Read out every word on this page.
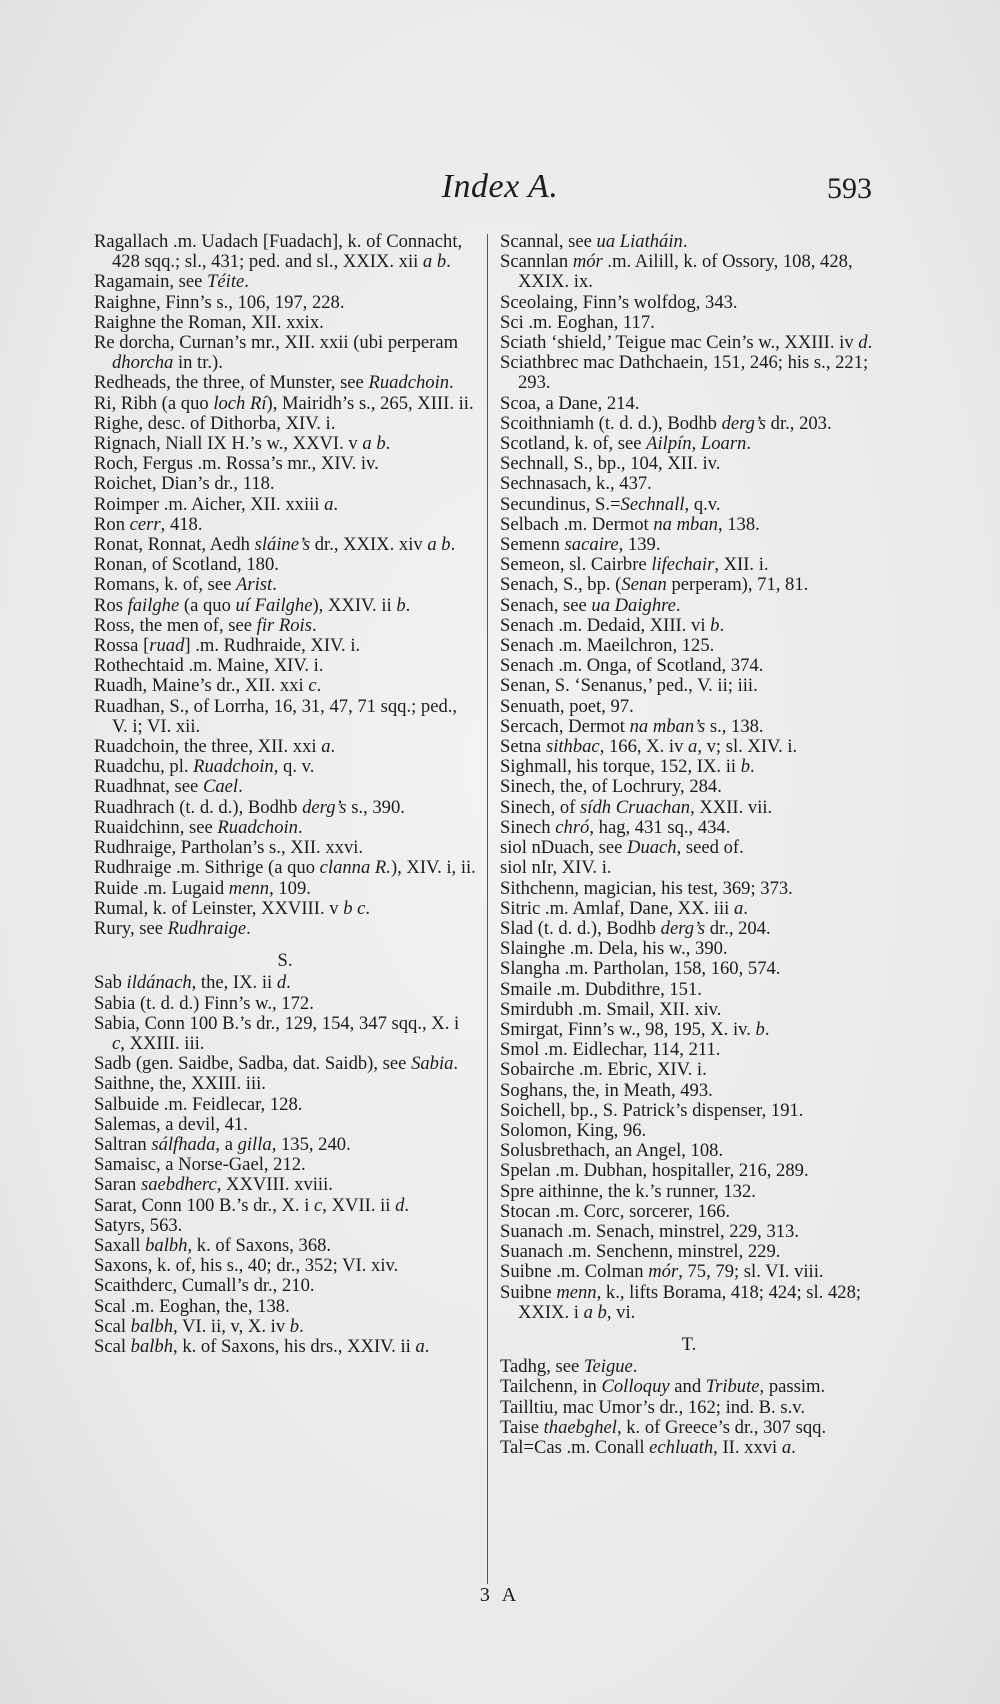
Index A.	593

Ragallach .m. Uadach [Fuadach], k. of Connacht, 428 sqq.; sl., 431; ped. and sl., XXIX. xii a b.

Ragamain, see Téite.

Raighne, Finn’s s., 106, 197, 228.

Raighne the Roman, XII. xxix.

Re dorcha, Curnan’s mr., XII. xxii (ubi perperam dhorcha in tr.).

Redheads, the three, of Munster, see Ruadchoin.

Ri, Ribh (a quo loch Rí), Mairidh’s s., 265, XIII. ii.

Righe, desc. of Dithorba, XIV. i.

Rignach, Niall IX H.’s w., XXVI. v a b.

Roch, Fergus .m. Rossa’s mr., XIV. iv.

Roichet, Dian’s dr., 118.

Roimper .m. Aicher, XII. xxiii a.

Ron cerr, 418.

Ronat, Ronnat, Aedh sláine’s dr., XXIX. xiv a b.

Ronan, of Scotland, 180.

Romans, k. of, see Arist.

Ros failghe (a quo uí Failghe), XXIV. ii b.

Ross, the men of, see fir Rois.

Rossa [ruad] .m. Rudhraide, XIV. i.

Rothechtaid .m. Maine, XIV. i.

Ruadh, Maine’s dr., XII. xxi c.

Ruadhan, S., of Lorrha, 16, 31, 47, 71 sqq.; ped., V. i; VI. xii.

Ruadchoin, the three, XII. xxi a.

Ruadchu, pl. Ruadchoin, q. v.

Ruadhnat, see Cael.

Ruadhrach (t. d. d.), Bodhb derg’s s., 390.

Ruaidchinn, see Ruadchoin.

Rudhraige, Partholan’s s., XII. xxvi.

Rudhraige .m. Sithrige (a quo clanna R.), XIV. i, ii.

Ruide .m. Lugaid menn, 109.

Rumal, k. of Leinster, XXVIII. v b c.

Rury, see Rudhraige.

S.

Sab ildánach, the, IX. ii d.

Sabia (t. d. d.) Finn’s w., 172.

Sabia, Conn 100 B.’s dr., 129, 154, 347 sqq., X. i c, XXIII. iii.

Sadb (gen. Saidbe, Sadba, dat. Saidb), see Sabia.

Saithne, the, XXIII. iii.

Salbuide .m. Feidlecar, 128.

Salemas, a devil, 41.

Saltran sálfhada, a gilla, 135, 240.

Samaisc, a Norse-Gael, 212.

Saran saebdherc, XXVIII. xviii.

Sarat, Conn 100 B.’s dr., X. i c, XVII. ii d.

Satyrs, 563.

Saxall balbh, k. of Saxons, 368.

Saxons, k. of, his s., 40; dr., 352; VI. xiv.

Scaithderc, Cumall’s dr., 210.

Scal .m. Eoghan, the, 138.

Scal balbh, VI. ii, v, X. iv b.

Scal balbh, k. of Saxons, his drs., XXIV. ii a.

Scannal, see ua Liatháin.

Scannlan mór .m. Ailill, k. of Ossory, 108, 428, XXIX. ix.

Sceolaing, Finn’s wolfdog, 343.

Sci .m. Eoghan, 117.

Sciath ‘shield,’ Teigue mac Cein’s w., XXIII. iv d.

Sciathbrec mac Dathchaein, 151, 246; his s., 221; 293.

Scoa, a Dane, 214.

Scoithniamh (t. d. d.), Bodhb derg’s dr., 203.

Scotland, k. of, see Ailpín, Loarn.

Sechnall, S., bp., 104, XII. iv.

Sechnasach, k., 437.

Secundinus, S.=Sechnall, q.v.

Selbach .m. Dermot na mban, 138.

Semenn sacaire, 139.

Semeon, sl. Cairbre lifechair, XII. i.

Senach, S., bp. (Senan perperam), 71, 81.

Senach, see ua Daighre.

Senach .m. Dedaid, XIII. vi b.

Senach .m. Maeilchron, 125.

Senach .m. Onga, of Scotland, 374.

Senan, S. ‘Senanus,’ ped., V. ii; iii.

Senuath, poet, 97.

Sercach, Dermot na mban’s s., 138.

Setna sithbac, 166, X. iv a, v; sl. XIV. i.

Sighmall, his torque, 152, IX. ii b.

Sinech, the, of Lochrury, 284.

Sinech, of sídh Cruachan, XXII. vii.

Sinech chró, hag, 431 sq., 434.

siol nDuach, see Duach, seed of.

siol nIr, XIV. i.

Sithchenn, magician, his test, 369; 373.

Sitric .m. Amlaf, Dane, XX. iii a.

Slad (t. d. d.), Bodhb derg’s dr., 204.

Slainghe .m. Dela, his w., 390.

Slangha .m. Partholan, 158, 160, 574.

Smaile .m. Dubdithre, 151.

Smirdubh .m. Smail, XII. xiv.

Smirgat, Finn’s w., 98, 195, X. iv. b.

Smol .m. Eidlechar, 114, 211.

Sobairche .m. Ebric, XIV. i.

Soghans, the, in Meath, 493.

Soichell, bp., S. Patrick’s dispenser, 191.

Solomon, King, 96.

Solusbrethach, an Angel, 108.

Spelan .m. Dubhan, hospitaller, 216, 289.

Spre aithinne, the k.’s runner, 132.

Stocan .m. Corc, sorcerer, 166.

Suanach .m. Senach, minstrel, 229, 313.

Suanach .m. Senchenn, minstrel, 229.

Suibne .m. Colman mór, 75, 79; sl. VI. viii.

Suibne menn, k., lifts Borama, 418; 424; sl. 428; XXIX. i a b, vi.

T.

Tadhg, see Teigue.

Tailchenn, in Colloquy and Tribute, passim.

Tailltiu, mac Umor’s dr., 162; ind. B. s.v.

Taise thaebghel, k. of Greece’s dr., 307 sqq.

Tal=Cas .m. Conall echluath, II. xxvi a.

3 A
